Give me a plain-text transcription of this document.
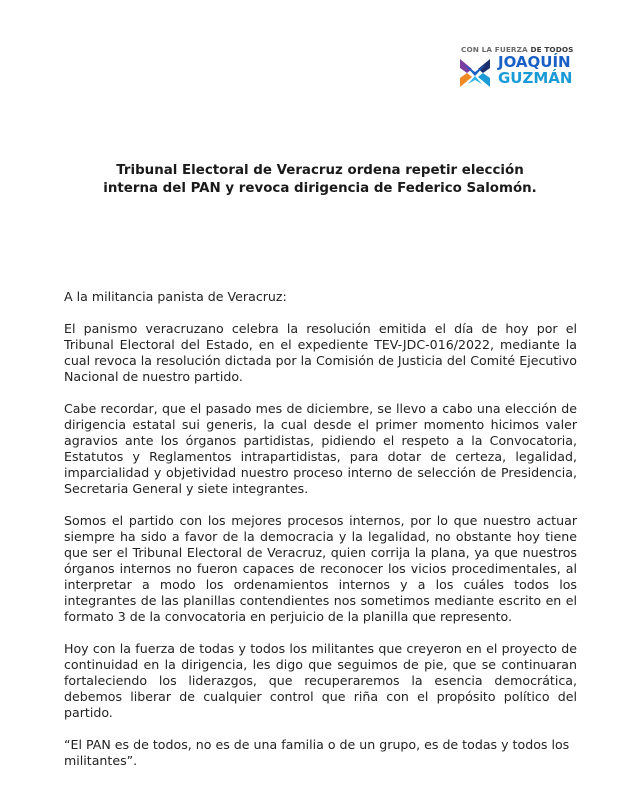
CON LA FUERZA DE TODOS
JOAQUÍN
GUZMÁN
Tribunal Electoral de Veracruz ordena repetir elección
interna del PAN y revoca dirigencia de Federico Salomón.

A la militancia panista de Veracruz:

El panismo veracruzano celebra la resolución emitida el día de hoy por el Tribunal Electoral del Estado, en el expediente TEV-JDC-016/2022, mediante la cual revoca la resolución dictada por la Comisión de Justicia del Comité Ejecutivo Nacional de nuestro partido.

Cabe recordar, que el pasado mes de diciembre, se llevo a cabo una elección de dirigencia estatal sui generis, la cual desde el primer momento hicimos valer agravios ante los órganos partidistas, pidiendo el respeto a la Convocatoria, Estatutos y Reglamentos intrapartidistas, para dotar de certeza, legalidad, imparcialidad y objetividad nuestro proceso interno de selección de Presidencia, Secretaria General y siete integrantes.

Somos el partido con los mejores procesos internos, por lo que nuestro actuar siempre ha sido a favor de la democracia y la legalidad, no obstante hoy tiene que ser el Tribunal Electoral de Veracruz, quien corrija la plana, ya que nuestros órganos internos no fueron capaces de reconocer los vicios procedimentales, al interpretar a modo los ordenamientos internos y a los cuáles todos los integrantes de las planillas contendientes nos sometimos mediante escrito en el formato 3 de la convocatoria en perjuicio de la planilla que represento.

Hoy con la fuerza de todas y todos los militantes que creyeron en el proyecto de continuidad en la dirigencia, les digo que seguimos de pie, que se continuaran fortaleciendo los liderazgos, que recuperaremos la esencia democrática, debemos liberar de cualquier control que riña con el propósito político del partido.

“El PAN es de todos, no es de una familia o de un grupo, es de todas y todos los militantes”.
